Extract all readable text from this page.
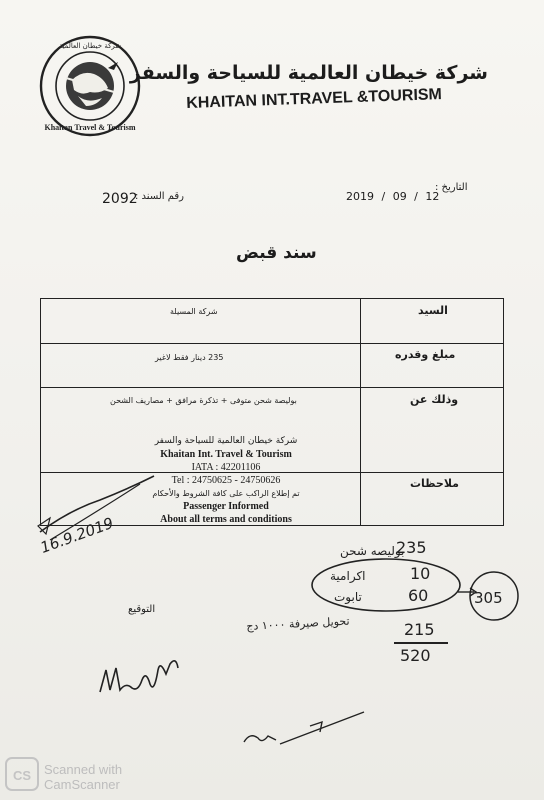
شركة خيطان العالمية
Khaitan Travel & Tourism
شركة خيطان العالمية للسياحة والسفر
KHAITAN INT.TRAVEL &TOURISM
التاريخ :
2019 / 09 / 12
رقم السند :
2092
سند قبض
السيد
شركة المسيلة
مبلغ وقدره
235 دينار فقط لاغير
وذلك عن
بوليصة شحن متوفى + تذكرة مرافق + مصاريف الشحن
ملاحظات
شركة خيطان العالمية للسياحة والسفر
Khaitan Int. Travel & Tourism
IATA : 42201106
Tel : 24750625 - 24750626
تم إطلاع الراكب على كافة الشروط والأحكام
Passenger Informed
About all terms and conditions
16.9.2019	بوليصه شحن
235
اكرامية	10
تابوت	60	305
تحويل صيرفة ١٠٠٠ دج	215
520
التوقيع
CS Scanned with
CamScanner
